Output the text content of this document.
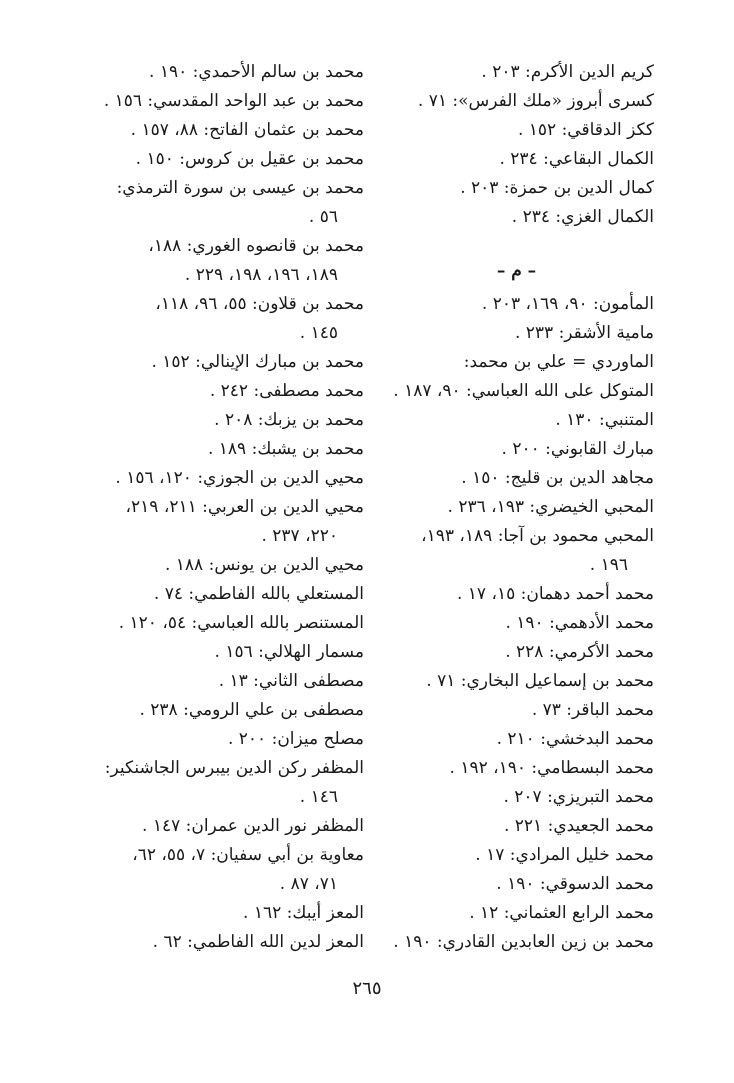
كريم الدين الأكرم: ٢٠٣ .
كسرى أبروز «ملك الفرس»: ٧١ .
ككز الدقاقي: ١٥٢ .
الكمال البقاعي: ٢٣٤ .
كمال الدين بن حمزة: ٢٠٣ .
الكمال الغزي: ٢٣٤ .
– م –
المأمون: ٩٠، ١٦٩، ٢٠٣ .
مامية الأشقر: ٢٣٣ .
الماوردي = علي بن محمد:
المتوكل على الله العباسي: ٩٠، ١٨٧ .
المتنبي: ١٣٠ .
مبارك القابوني: ٢٠٠ .
مجاهد الدين بن قليج: ١٥٠ .
المحبي الخيضري: ١٩٣، ٢٣٦ .
المحبي محمود بن آجا: ١٨٩، ١٩٣،
١٩٦ .
محمد أحمد دهمان: ١٥، ١٧ .
محمد الأدهمي: ١٩٠ .
محمد الأكرمي: ٢٢٨ .
محمد بن إسماعيل البخاري: ٧١ .
محمد الباقر: ٧٣ .
محمد البدخشي: ٢١٠ .
محمد البسطامي: ١٩٠، ١٩٢ .
محمد التبريزي: ٢٠٧ .
محمد الجعيدي: ٢٢١ .
محمد خليل المرادي: ١٧ .
محمد الدسوقي: ١٩٠ .
محمد الرابع العثماني: ١٢ .
محمد بن زين العابدين القادري: ١٩٠ .
محمد بن سالم الأحمدي: ١٩٠ .
محمد بن عبد الواحد المقدسي: ١٥٦ .
محمد بن عثمان الفاتح: ٨٨، ١٥٧ .
محمد بن عقيل بن كروس: ١٥٠ .
محمد بن عيسى بن سورة الترمذي:
٥٦ .
محمد بن قانصوه الغوري: ١٨٨،
١٨٩، ١٩٦، ١٩٨، ٢٢٩ .
محمد بن قلاون: ٥٥، ٩٦، ١١٨،
١٤٥ .
محمد بن مبارك الإينالي: ١٥٢ .
محمد مصطفى: ٢٤٢ .
محمد بن يزبك: ٢٠٨ .
محمد بن يشبك: ١٨٩ .
محيي الدين بن الجوزي: ١٢٠، ١٥٦ .
محيي الدين بن العربي: ٢١١، ٢١٩،
٢٢٠، ٢٣٧ .
محيي الدين بن يونس: ١٨٨ .
المستعلي بالله الفاطمي: ٧٤ .
المستنصر بالله العباسي: ٥٤، ١٢٠ .
مسمار الهلالي: ١٥٦ .
مصطفى الثاني: ١٣ .
مصطفى بن علي الرومي: ٢٣٨ .
مصلح ميزان: ٢٠٠ .
المظفر ركن الدين بيبرس الجاشنكير:
١٤٦ .
المظفر نور الدين عمران: ١٤٧ .
معاوية بن أبي سفيان: ٧، ٥٥، ٦٢،
٧١، ٨٧ .
المعز أيبك: ١٦٢ .
المعز لدين الله الفاطمي: ٦٢ .
٢٦٥
